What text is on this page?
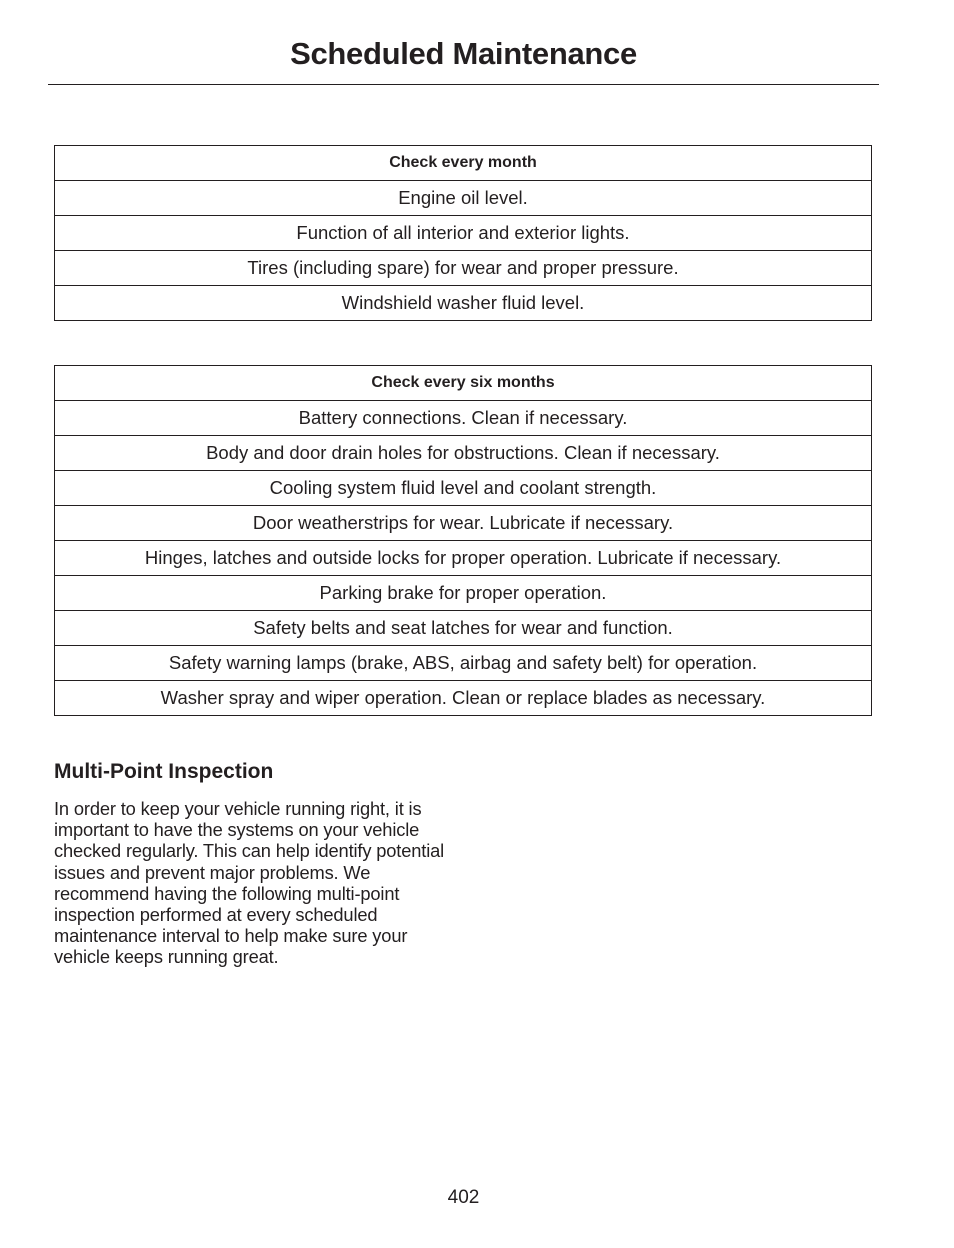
Scheduled Maintenance
Check every month
Engine oil level.
Function of all interior and exterior lights.
Tires (including spare) for wear and proper pressure.
Windshield washer fluid level.
Check every six months
Battery connections. Clean if necessary.
Body and door drain holes for obstructions. Clean if necessary.
Cooling system fluid level and coolant strength.
Door weatherstrips for wear. Lubricate if necessary.
Hinges, latches and outside locks for proper operation. Lubricate if necessary.
Parking brake for proper operation.
Safety belts and seat latches for wear and function.
Safety warning lamps (brake, ABS, airbag and safety belt) for operation.
Washer spray and wiper operation. Clean or replace blades as necessary.
Multi-Point Inspection

In order to keep your vehicle running right, it is important to have the systems on your vehicle checked regularly. This can help identify potential issues and prevent major problems. We recommend having the following multi-point inspection performed at every scheduled maintenance interval to help make sure your vehicle keeps running great.

402
